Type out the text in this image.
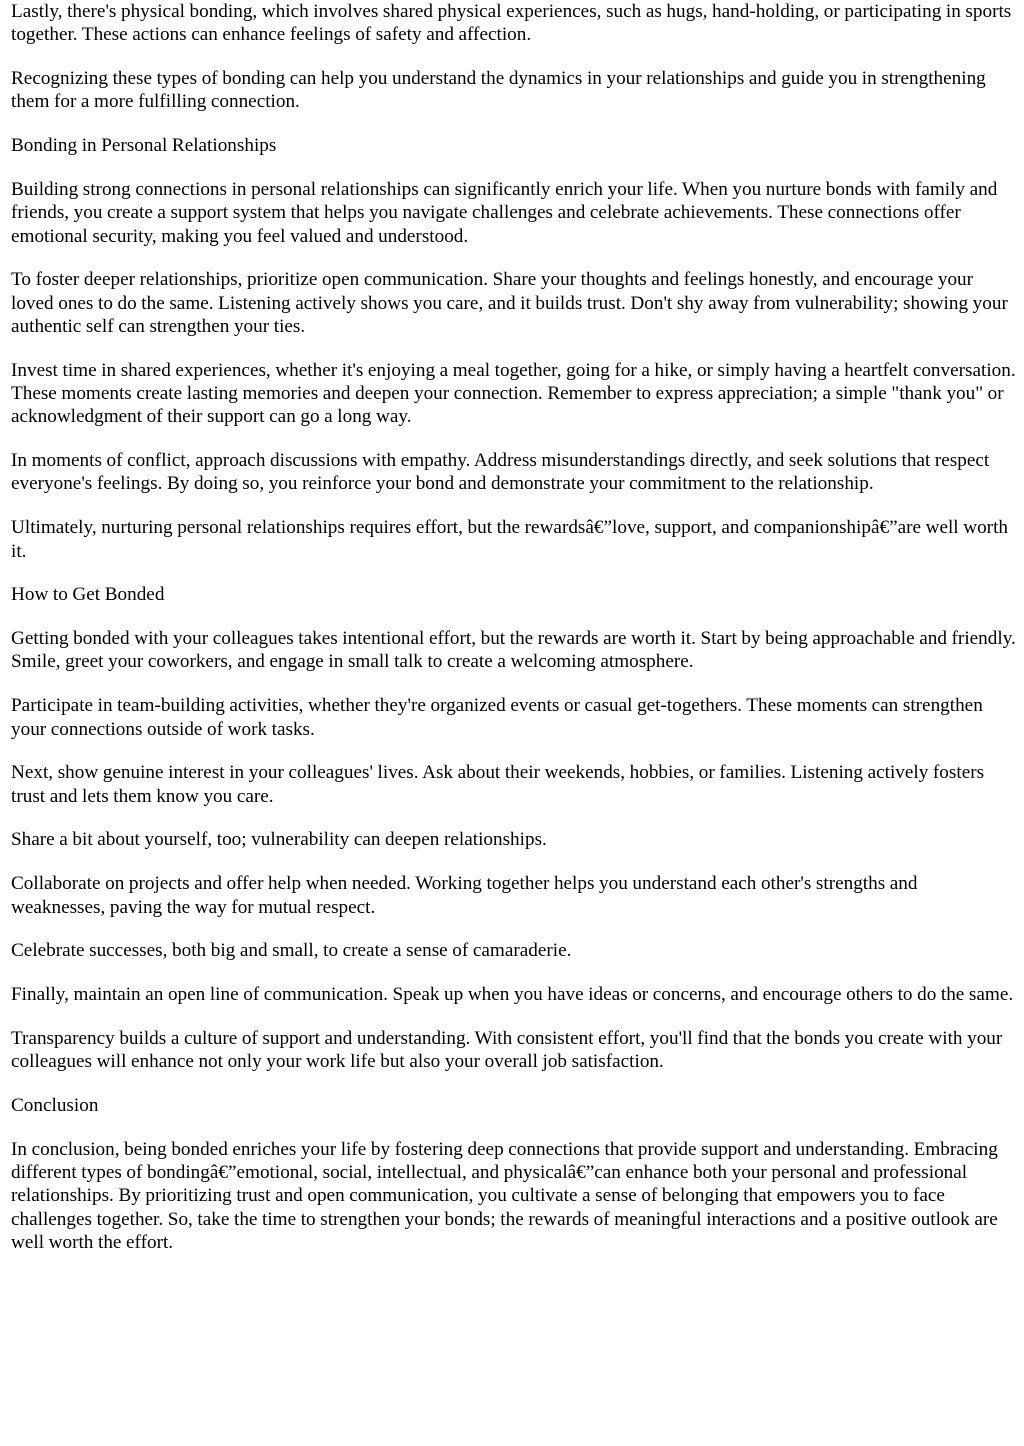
Lastly, there's physical bonding, which involves shared physical experiences, such as hugs, hand-holding, or participating in sports together. These actions can enhance feelings of safety and affection.

Recognizing these types of bonding can help you understand the dynamics in your relationships and guide you in strengthening them for a more fulfilling connection.

Bonding in Personal Relationships

Building strong connections in personal relationships can significantly enrich your life. When you nurture bonds with family and friends, you create a support system that helps you navigate challenges and celebrate achievements. These connections offer emotional security, making you feel valued and understood.

To foster deeper relationships, prioritize open communication. Share your thoughts and feelings honestly, and encourage your loved ones to do the same. Listening actively shows you care, and it builds trust. Don't shy away from vulnerability; showing your authentic self can strengthen your ties.

Invest time in shared experiences, whether it's enjoying a meal together, going for a hike, or simply having a heartfelt conversation. These moments create lasting memories and deepen your connection. Remember to express appreciation; a simple "thank you" or acknowledgment of their support can go a long way.

In moments of conflict, approach discussions with empathy. Address misunderstandings directly, and seek solutions that respect everyone's feelings. By doing so, you reinforce your bond and demonstrate your commitment to the relationship.

Ultimately, nurturing personal relationships requires effort, but the rewardsâ€”love, support, and companionshipâ€”are well worth it.

How to Get Bonded

Getting bonded with your colleagues takes intentional effort, but the rewards are worth it. Start by being approachable and friendly. Smile, greet your coworkers, and engage in small talk to create a welcoming atmosphere.

Participate in team-building activities, whether they're organized events or casual get-togethers. These moments can strengthen your connections outside of work tasks.

Next, show genuine interest in your colleagues' lives. Ask about their weekends, hobbies, or families. Listening actively fosters trust and lets them know you care.

Share a bit about yourself, too; vulnerability can deepen relationships.

Collaborate on projects and offer help when needed. Working together helps you understand each other's strengths and weaknesses, paving the way for mutual respect.

Celebrate successes, both big and small, to create a sense of camaraderie.

Finally, maintain an open line of communication. Speak up when you have ideas or concerns, and encourage others to do the same.

Transparency builds a culture of support and understanding. With consistent effort, you'll find that the bonds you create with your colleagues will enhance not only your work life but also your overall job satisfaction.

Conclusion

In conclusion, being bonded enriches your life by fostering deep connections that provide support and understanding. Embracing different types of bondingâ€”emotional, social, intellectual, and physicalâ€”can enhance both your personal and professional relationships. By prioritizing trust and open communication, you cultivate a sense of belonging that empowers you to face challenges together. So, take the time to strengthen your bonds; the rewards of meaningful interactions and a positive outlook are well worth the effort.
